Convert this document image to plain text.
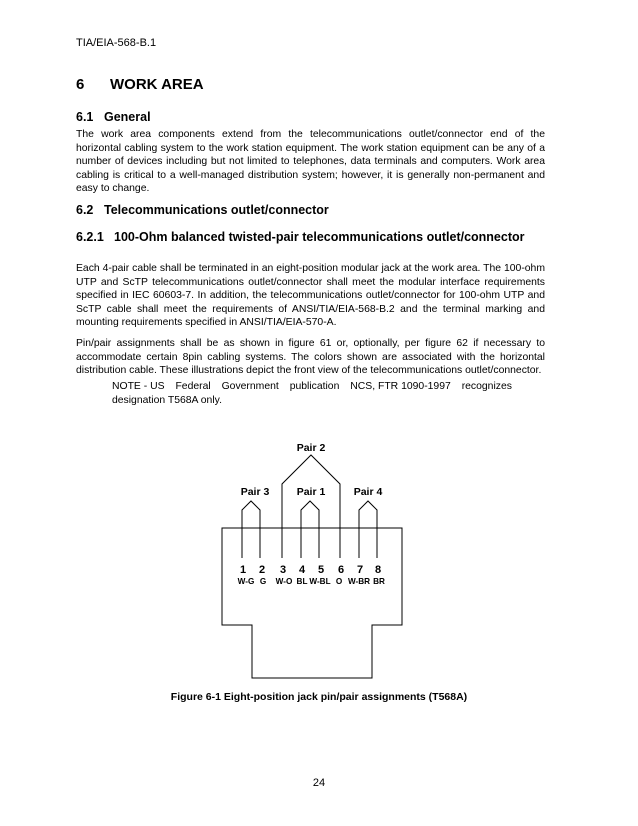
TIA/EIA-568-B.1
6 WORK AREA
6.1 General
The work area components extend from the telecommunications outlet/connector end of the horizontal cabling system to the work station equipment. The work station equipment can be any of a number of devices including but not limited to telephones, data terminals and computers. Work area cabling is critical to a well-managed distribution system; however, it is generally non-permanent and easy to change.
6.2 Telecommunications outlet/connector
6.2.1 100-Ohm balanced twisted-pair telecommunications outlet/connector
Each 4-pair cable shall be terminated in an eight-position modular jack at the work area. The 100-ohm UTP and ScTP telecommunications outlet/connector shall meet the modular interface requirements specified in IEC 60603-7. In addition, the telecommunications outlet/connector for 100-ohm UTP and ScTP cable shall meet the requirements of ANSI/TIA/EIA-568-B.2 and the terminal marking and mounting requirements specified in ANSI/TIA/EIA-570-A.
Pin/pair assignments shall be as shown in figure 61 or, optionally, per figure 62 if necessary to accommodate certain 8pin cabling systems. The colors shown are associated with the horizontal distribution cable. These illustrations depict the front view of the telecommunications outlet/connector.
NOTE - US Federal Government publication NCS, FTR 1090-1997 recognizes
designation T568A only.
Pair 2
Pair 3	Pair 1	Pair 4
1 2 3 4 5 6 7 8
W-G G W-O BL W-BL O W-BR BR
Figure 6-1 Eight-position jack pin/pair assignments (T568A)
24
